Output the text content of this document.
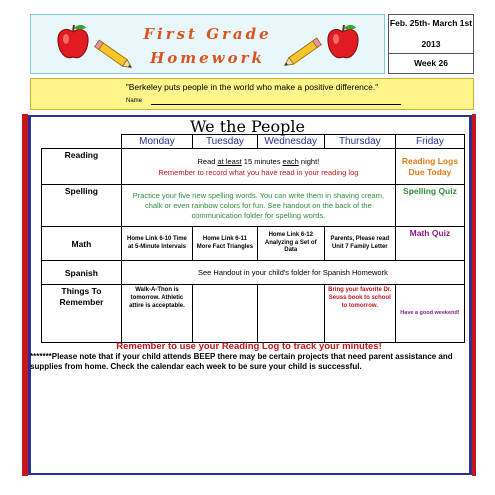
First Grade
Homework
Feb. 25th- March 1st
2013
Week 26
"Berkeley puts people in the world who make a positive difference."
Name
We the People
	Monday	Tuesday	Wednesday	Thursday	Friday
Reading	Read at least 15 minutes each night!
Remember to record what you have read in your reading log				Reading Logs Due Today
Spelling	Practice your five new spelling words. You can write them in shaving cream, chalk or even rainbow colors for fun. See handout on the back of the communication folder for spelling words.				Spelling Quiz
Math	Home Link 6-10 Time at 5-Minute Intervals	Home Link 6-11 More Fact Triangles	Home Link 6-12 Analyzing a Set of Data	Parents, Please read Unit 7 Family Letter	Math Quiz
Spanish	See Handout in your child's folder for Spanish Homework				
Things To Remember	Walk-A-Thon is tomorrow. Athletic attire is acceptable.			Bring your favorite Dr. Seuss book to school to tomorrow.	Have a good weekend!
Remember to use your Reading Log to track your minutes!
*******Please note that if your child attends BEEP there may be certain projects that need parent assistance and supplies from home. Check the calendar each week to be sure your child is successful.
